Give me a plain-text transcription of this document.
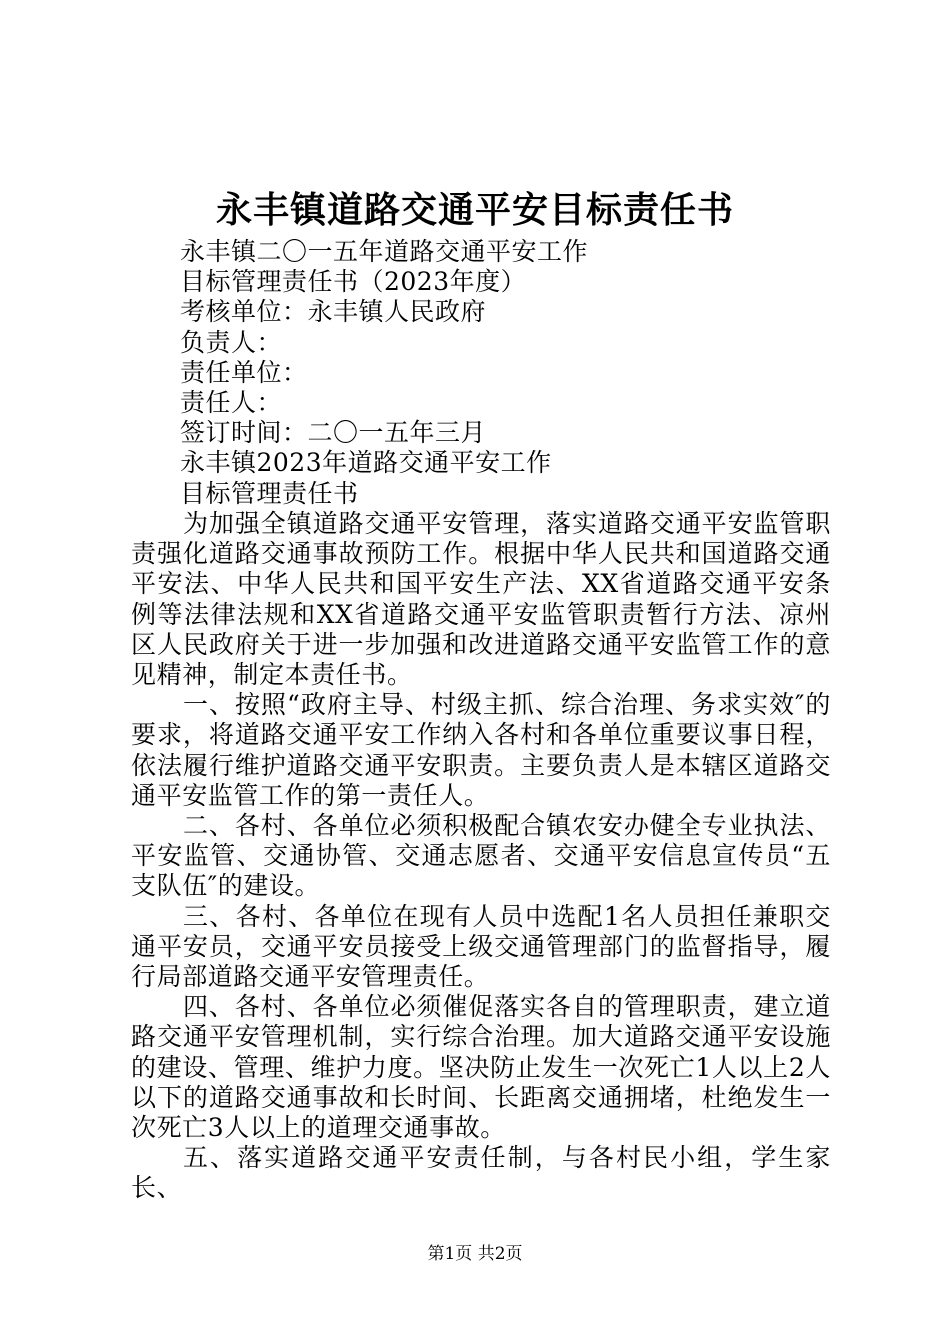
永丰镇道路交通平安目标责任书
永丰镇二〇一五年道路交通平安工作
目标管理责任书（2023年度）
考核单位：永丰镇人民政府
负责人：
责任单位：
责任人：
签订时间：二〇一五年三月
永丰镇2023年道路交通平安工作
目标管理责任书

为加强全镇道路交通平安管理，落实道路交通平安监管职责强化道路交通事故预防工作。根据中华人民共和国道路交通平安法、中华人民共和国平安生产法、XX省道路交通平安条例等法律法规和XX省道路交通平安监管职责暂行方法、凉州区人民政府关于进一步加强和改进道路交通平安监管工作的意见精神，制定本责任书。

一、按照“政府主导、村级主抓、综合治理、务求实效″的要求，将道路交通平安工作纳入各村和各单位重要议事日程，依法履行维护道路交通平安职责。主要负责人是本辖区道路交通平安监管工作的第一责任人。

二、各村、各单位必须积极配合镇农安办健全专业执法、平安监管、交通协管、交通志愿者、交通平安信息宣传员“五支队伍″的建设。

三、各村、各单位在现有人员中选配1名人员担任兼职交通平安员，交通平安员接受上级交通管理部门的监督指导，履行局部道路交通平安管理责任。

四、各村、各单位必须催促落实各自的管理职责，建立道路交通平安管理机制，实行综合治理。加大道路交通平安设施的建设、管理、维护力度。坚决防止发生一次死亡1人以上2人以下的道路交通事故和长时间、长距离交通拥堵，杜绝发生一次死亡3人以上的道理交通事故。

五、落实道路交通平安责任制，与各村民小组，学生家长、

第1页 共2页
